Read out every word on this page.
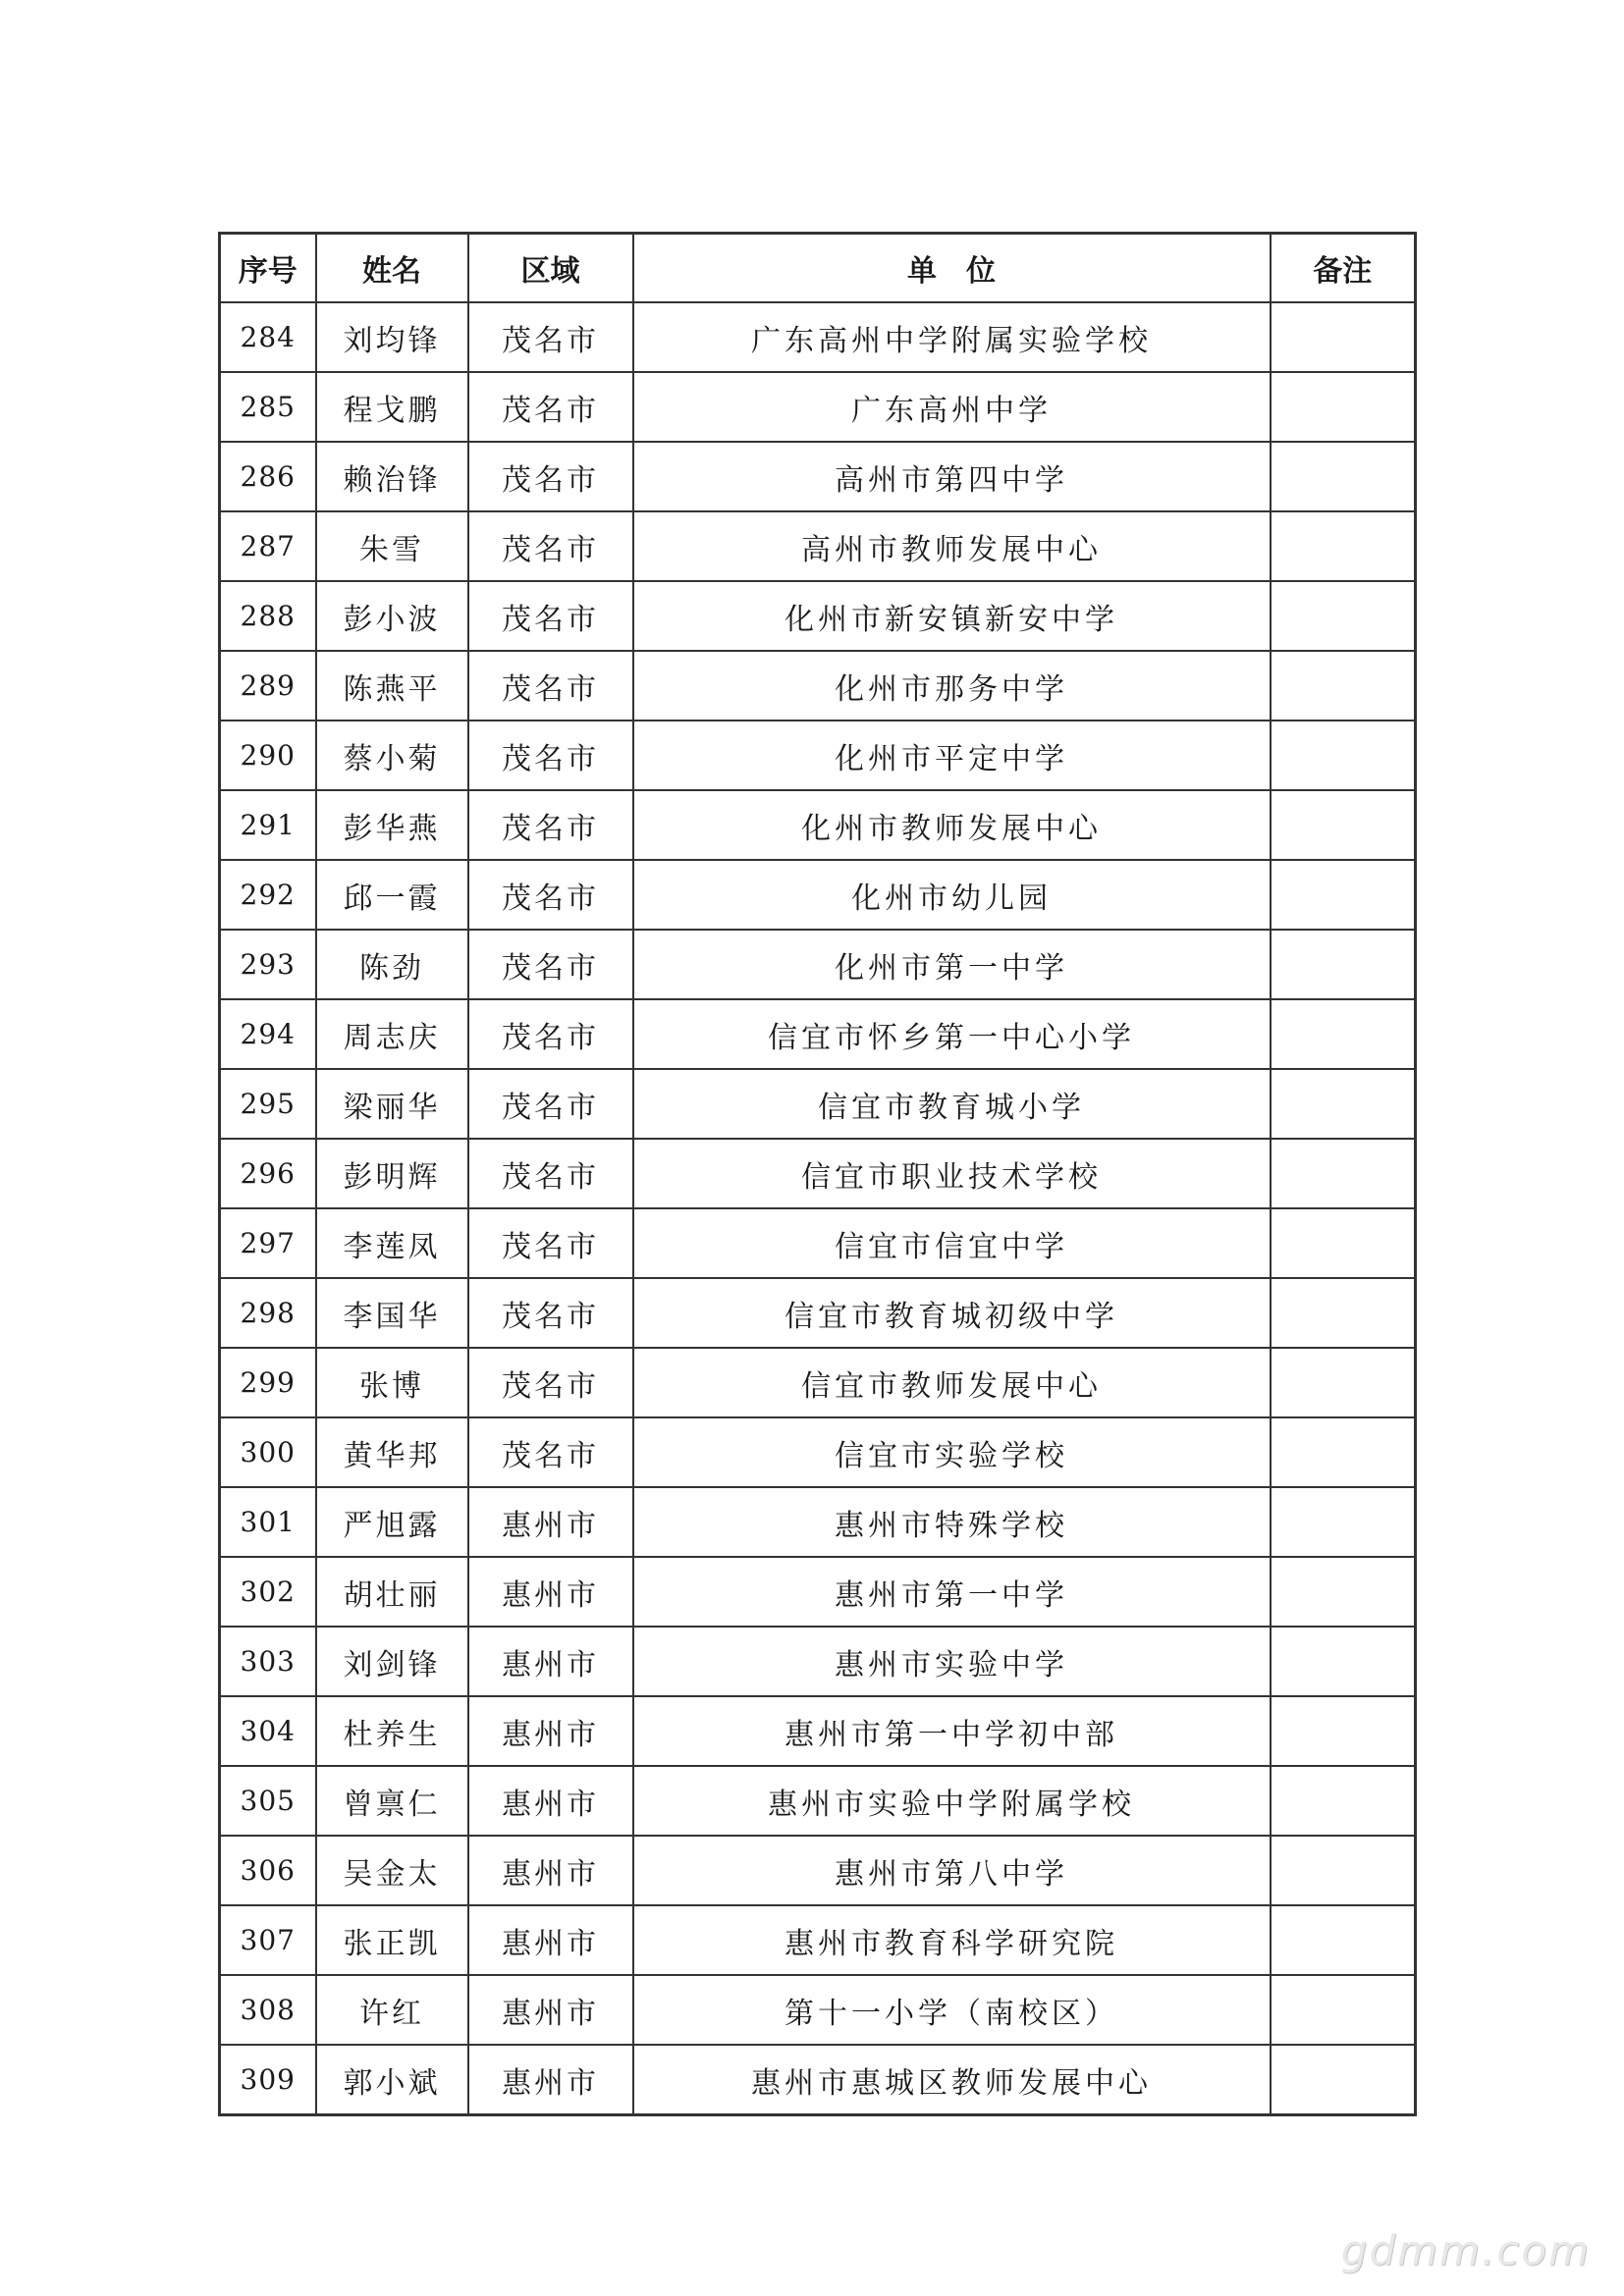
序号	姓名	区域	单　位	备注
284	刘均锋	茂名市	广东高州中学附属实验学校	
285	程戈鹏	茂名市	广东高州中学	
286	赖治锋	茂名市	高州市第四中学	
287	朱雪	茂名市	高州市教师发展中心	
288	彭小波	茂名市	化州市新安镇新安中学	
289	陈燕平	茂名市	化州市那务中学	
290	蔡小菊	茂名市	化州市平定中学	
291	彭华燕	茂名市	化州市教师发展中心	
292	邱一霞	茂名市	化州市幼儿园	
293	陈劲	茂名市	化州市第一中学	
294	周志庆	茂名市	信宜市怀乡第一中心小学	
295	梁丽华	茂名市	信宜市教育城小学	
296	彭明辉	茂名市	信宜市职业技术学校	
297	李莲凤	茂名市	信宜市信宜中学	
298	李国华	茂名市	信宜市教育城初级中学	
299	张博	茂名市	信宜市教师发展中心	
300	黄华邦	茂名市	信宜市实验学校	
301	严旭露	惠州市	惠州市特殊学校	
302	胡壮丽	惠州市	惠州市第一中学	
303	刘剑锋	惠州市	惠州市实验中学	
304	杜养生	惠州市	惠州市第一中学初中部	
305	曾禀仁	惠州市	惠州市实验中学附属学校	
306	吴金太	惠州市	惠州市第八中学	
307	张正凯	惠州市	惠州市教育科学研究院	
308	许红	惠州市	第十一小学（南校区）	
309	郭小斌	惠州市	惠州市惠城区教师发展中心	
gdmm.com
